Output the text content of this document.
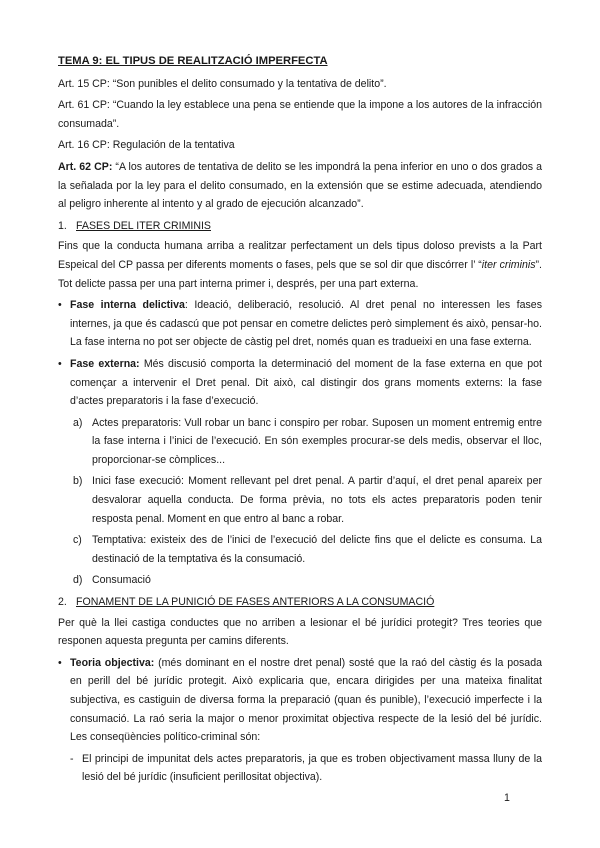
TEMA 9: EL TIPUS DE REALITZACIÓ IMPERFECTA

Art. 15 CP: “Son punibles el delito consumado y la tentativa de delito”.

Art. 61 CP: “Cuando la ley establece una pena se entiende que la impone a los autores de la infracción consumada”.

Art. 16 CP: Regulación de la tentativa

Art. 62 CP: “A los autores de tentativa de delito se les impondrá la pena inferior en uno o dos grados a la señalada por la ley para el delito consumado, en la extensión que se estime adecuada, atendiendo al peligro inherente al intento y al grado de ejecución alcanzado”.

1. FASES DEL ITER CRIMINIS

Fins que la conducta humana arriba a realitzar perfectament un dels tipus doloso prevists a la Part Espeical del CP passa per diferents moments o fases, pels que se sol dir que discórrer l’ “iter criminis”. Tot delicte passa per una part interna primer i, després, per una part externa.

• Fase interna delictiva: Ideació, deliberació, resolució. Al dret penal no interessen les fases internes, ja que és cadascú que pot pensar en cometre delictes però simplement és això, pensar-ho. La fase interna no pot ser objecte de càstig pel dret, només quan es tradueixi en una fase externa.
• Fase externa: Més discusió comporta la determinació del moment de la fase externa en que pot començar a intervenir el Dret penal. Dit això, cal distingir dos grans moments externs: la fase d’actes preparatoris i la fase d’execució.
a) Actes preparatoris: Vull robar un banc i conspiro per robar. Suposen un moment entremig entre la fase interna i l’inici de l’execució. En són exemples procurar-se dels medis, observar el lloc, proporcionar-se còmplices...
b) Inici fase execució: Moment rellevant pel dret penal. A partir d’aquí, el dret penal apareix per desvalorar aquella conducta. De forma prèvia, no tots els actes preparatoris poden tenir resposta penal. Moment en que entro al banc a robar.
c) Temptativa: existeix des de l’inici de l’execució del delicte fins que el delicte es consuma. La destinació de la temptativa és la consumació.
d) Consumació

2. FONAMENT DE LA PUNICIÓ DE FASES ANTERIORS A LA CONSUMACIÓ

Per què la llei castiga conductes que no arriben a lesionar el bé jurídici protegit? Tres teories que responen aquesta pregunta per camins diferents.

• Teoria objectiva: (més dominant en el nostre dret penal) sosté que la raó del càstig és la posada en perill del bé jurídic protegit. Això explicaria que, encara dirigides per una mateixa finalitat subjectiva, es castiguin de diversa forma la preparació (quan és punible), l’execució imperfecte i la consumació. La raó seria la major o menor proximitat objectiva respecte de la lesió del bé jurídic. Les conseqüències político-criminal són:
- El principi de impunitat dels actes preparatoris, ja que es troben objectivament massa lluny de la lesió del bé jurídic (insuficient perillositat objectiva).
1
